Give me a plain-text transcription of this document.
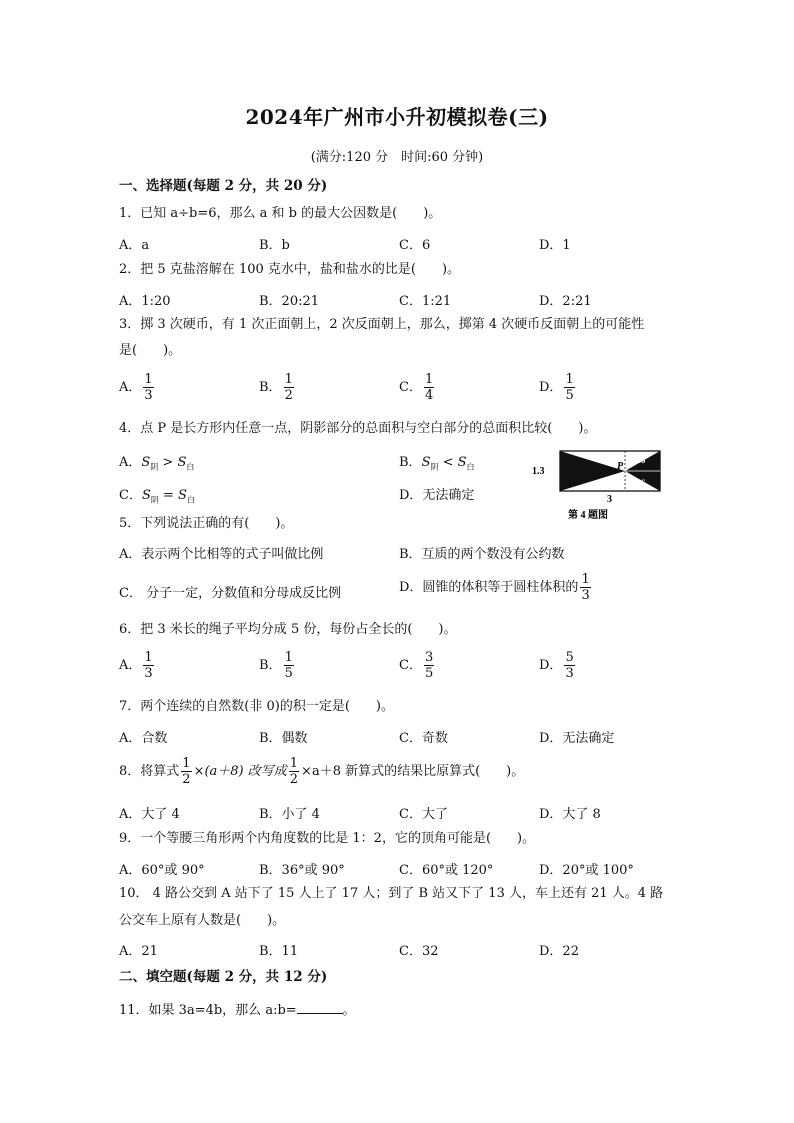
2024年广州市小升初模拟卷(三)
(满分:120 分　时间:60 分钟)
一、选择题(每题 2 分，共 20 分)
1．已知 a÷b=6，那么 a 和 b 的最大公因数是(　　)。
A．a	B．b	C．6	D．1
2．把 5 克盐溶解在 100 克水中，盐和盐水的比是(　　)。
A．1:20	B．20:21	C．1:21	D．2:21
3．掷 3 次硬币，有 1 次正面朝上，2 次反面朝上，那么，掷第 4 次硬币反面朝上的可能性
是(　　)。
A． $\frac{1}{3}$	B． $\frac{1}{2}$	C． $\frac{1}{4}$	D． $\frac{1}{5}$
4．点 P 是长方形内任意一点，阴影部分的总面积与空白部分的总面积比较(　　)。
A．$S_阴 > S_白$	B．$S_阴 < S_白$
C．$S_阴 = S_白$	D．无法确定
1.3	P
0.6
0.6
3
第 4 题图
5．下列说法正确的有(　　)。
A．表示两个比相等的式子叫做比例	B．互质的两个数没有公约数
C． 分子一定，分数值和分母成反比例	D．圆锥的体积等于圆柱体积的 $\frac{1}{3}$
6．把 3 米长的绳子平均分成 5 份，每份占全长的(　　)。
A． $\frac{1}{3}$	B． $\frac{1}{5}$	C． $\frac{3}{5}$	D． $\frac{5}{3}$
7．两个连续的自然数(非 0)的积一定是(　　)。
A．合数	B．偶数	C．奇数	D．无法确定
8．将算式 $\frac{1}{2} \times(a+8)$ 改写成 $\frac{1}{2} \times a+8$ 新算式的结果比原算式(　　)。
A．大了 4	B．小了 4	C．大了	D．大了 8
9．一个等腰三角形两个内角度数的比是 1：2，它的顶角可能是(　　)。
A．60°或 90°	B．36°或 90°	C．60°或 120°	D．20°或 100°
10． 4 路公交到 A 站下了 15 人上了 17 人；到了 B 站又下了 13 人，车上还有 21 人。4 路
公交车上原有人数是(　　)。
A．21	B．11	C．32	D．22
二、填空题(每题 2 分，共 12 分)
11．如果 3a=4b，那么 a:b=	。
